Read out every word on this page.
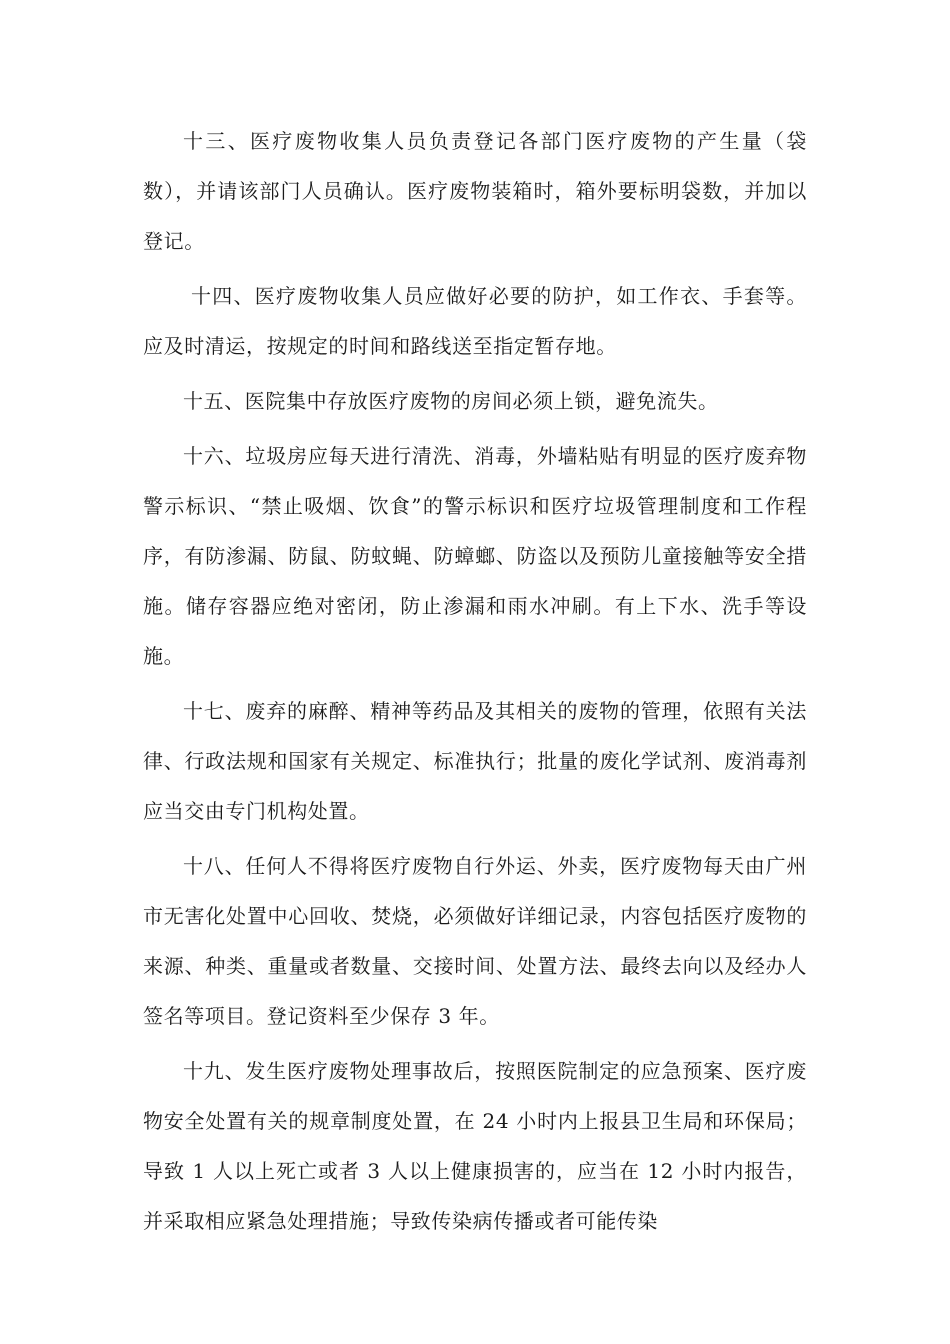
十三、医疗废物收集人员负责登记各部门医疗废物的产生量（袋数），并请该部门人员确认。医疗废物装箱时，箱外要标明袋数，并加以登记。

十四、医疗废物收集人员应做好必要的防护，如工作衣、手套等。应及时清运，按规定的时间和路线送至指定暂存地。

十五、医院集中存放医疗废物的房间必须上锁，避免流失。

十六、垃圾房应每天进行清洗、消毒，外墙粘贴有明显的医疗废弃物警示标识、“禁止吸烟、饮食”的警示标识和医疗垃圾管理制度和工作程序，有防渗漏、防鼠、防蚊蝇、防蟑螂、防盗以及预防儿童接触等安全措施。储存容器应绝对密闭，防止渗漏和雨水冲刷。有上下水、洗手等设施。

十七、废弃的麻醉、精神等药品及其相关的废物的管理，依照有关法律、行政法规和国家有关规定、标准执行；批量的废化学试剂、废消毒剂应当交由专门机构处置。

十八、任何人不得将医疗废物自行外运、外卖，医疗废物每天由广州市无害化处置中心回收、焚烧，必须做好详细记录，内容包括医疗废物的来源、种类、重量或者数量、交接时间、处置方法、最终去向以及经办人签名等项目。登记资料至少保存 3 年。

十九、发生医疗废物处理事故后，按照医院制定的应急预案、医疗废物安全处置有关的规章制度处置，在 24 小时内上报县卫生局和环保局；导致 1 人以上死亡或者 3 人以上健康损害的，应当在 12 小时内报告，并采取相应紧急处理措施；导致传染病传播或者可能传染
